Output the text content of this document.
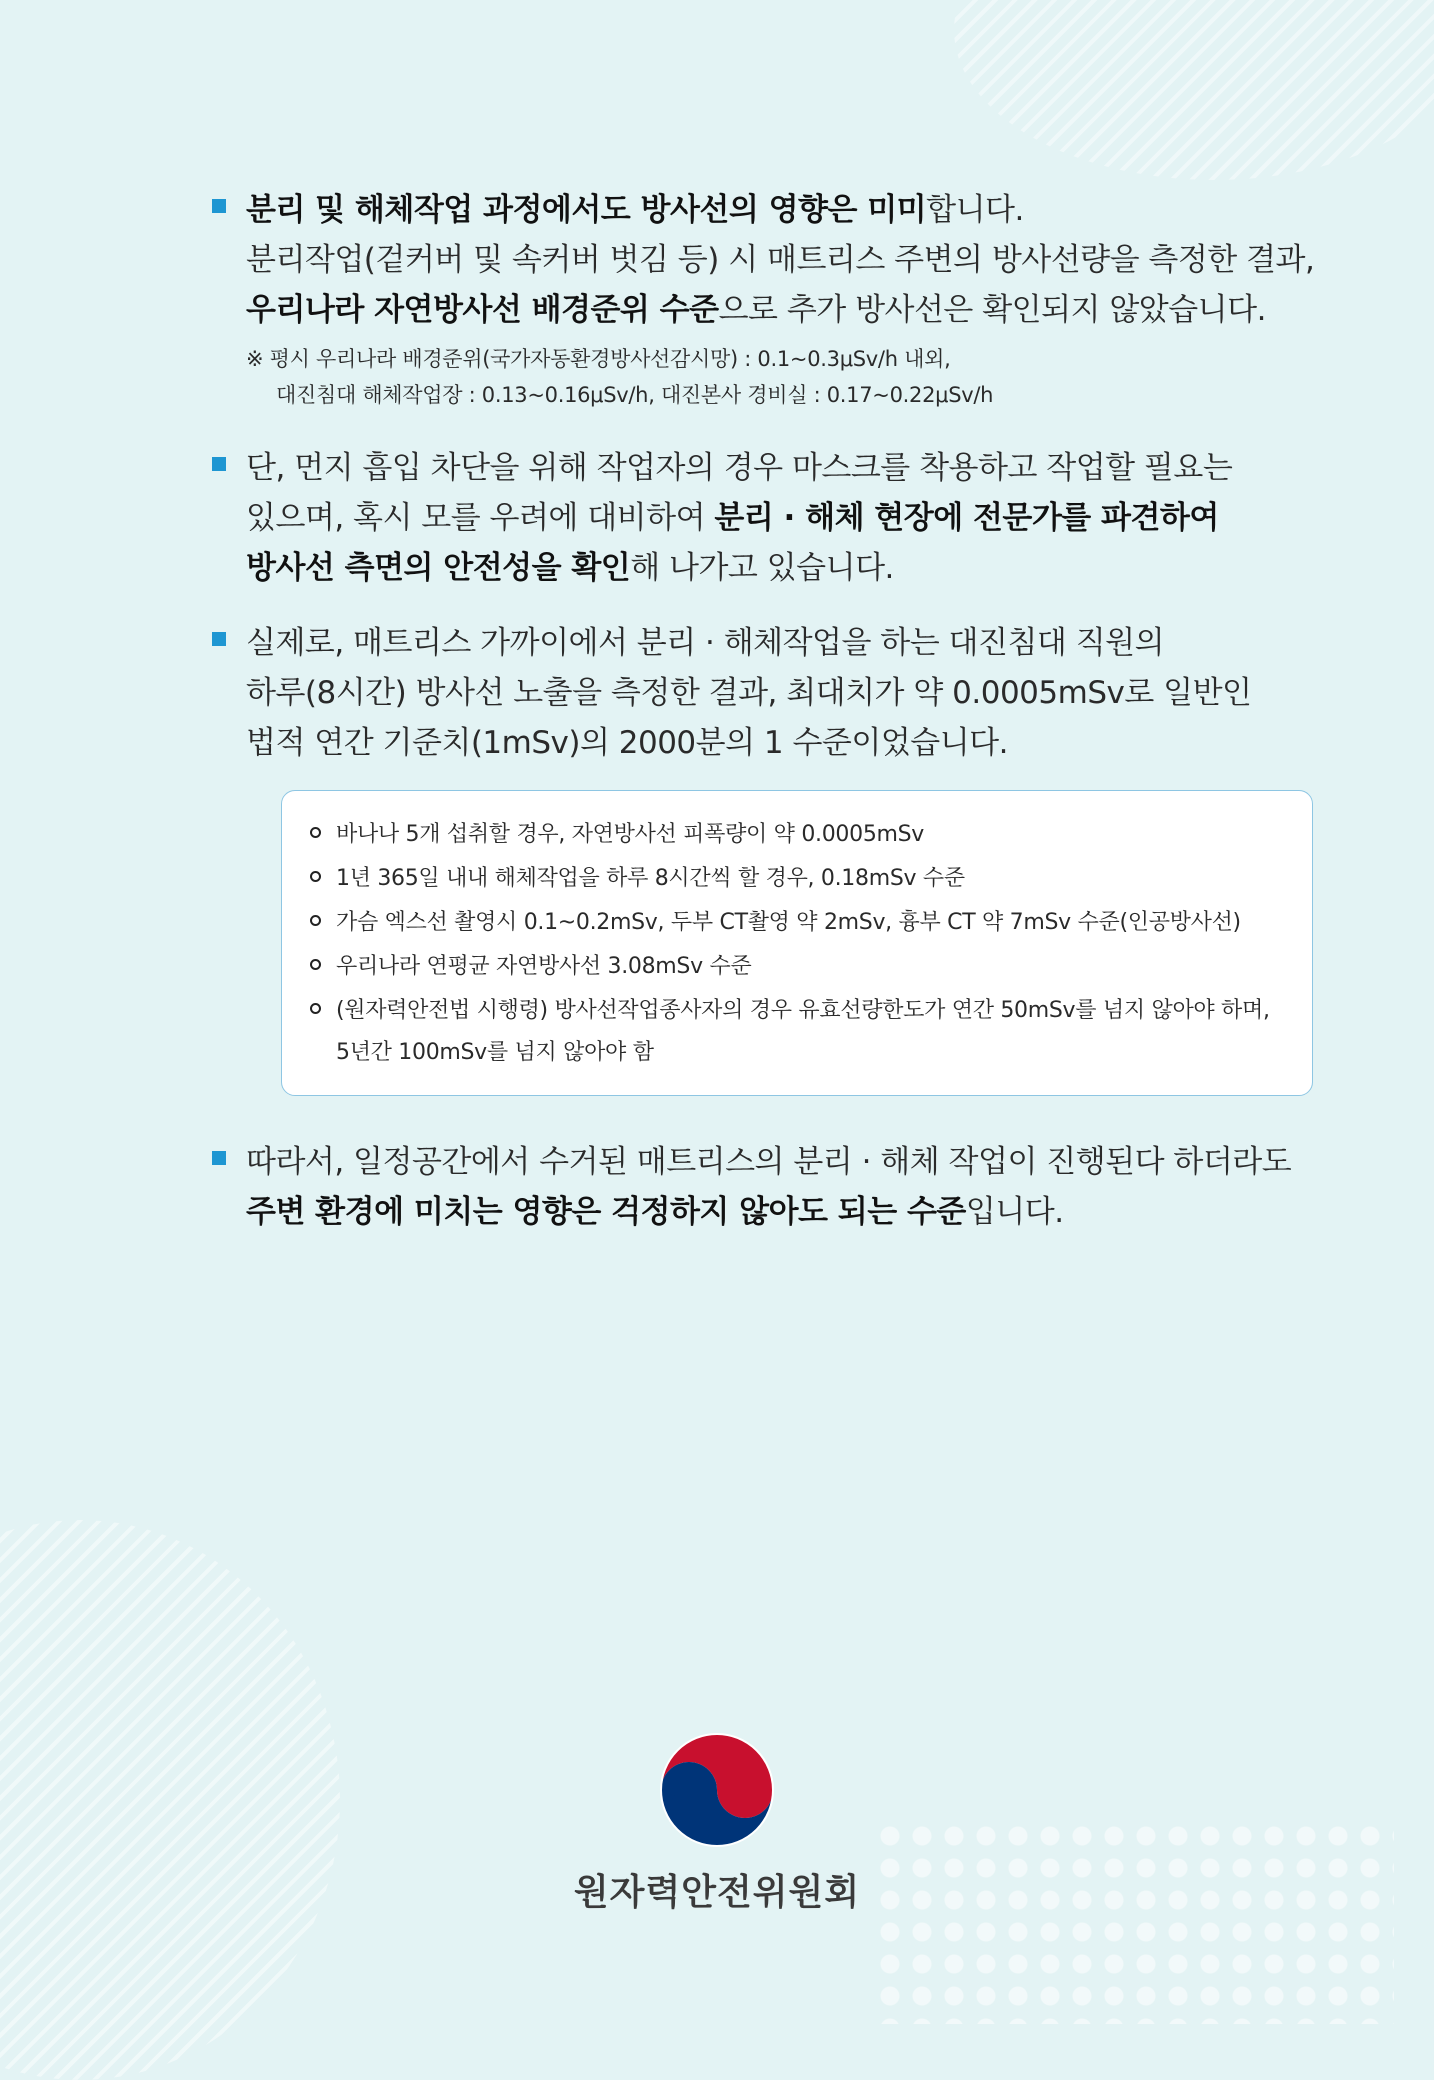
분리 및 해체작업 과정에서도 방사선의 영향은 미미합니다.
분리작업(겉커버 및 속커버 벗김 등) 시 매트리스 주변의 방사선량을 측정한 결과,
우리나라 자연방사선 배경준위 수준으로 추가 방사선은 확인되지 않았습니다.
※ 평시 우리나라 배경준위(국가자동환경방사선감시망) : 0.1~0.3μSv/h 내외,
대진침대 해체작업장 : 0.13~0.16μSv/h, 대진본사 경비실 : 0.17~0.22μSv/h
단, 먼지 흡입 차단을 위해 작업자의 경우 마스크를 착용하고 작업할 필요는
있으며, 혹시 모를 우려에 대비하여 분리 · 해체 현장에 전문가를 파견하여
방사선 측면의 안전성을 확인해 나가고 있습니다.
실제로, 매트리스 가까이에서 분리 · 해체작업을 하는 대진침대 직원의
하루(8시간) 방사선 노출을 측정한 결과, 최대치가 약 0.0005mSv로 일반인
법적 연간 기준치(1mSv)의 2000분의 1 수준이었습니다.
바나나 5개 섭취할 경우, 자연방사선 피폭량이 약 0.0005mSv
1년 365일 내내 해체작업을 하루 8시간씩 할 경우, 0.18mSv 수준
가슴 엑스선 촬영시 0.1~0.2mSv, 두부 CT촬영 약 2mSv, 흉부 CT 약 7mSv 수준(인공방사선)
우리나라 연평균 자연방사선 3.08mSv 수준
(원자력안전법 시행령) 방사선작업종사자의 경우 유효선량한도가 연간 50mSv를 넘지 않아야 하며,
5년간 100mSv를 넘지 않아야 함
따라서, 일정공간에서 수거된 매트리스의 분리 · 해체 작업이 진행된다 하더라도
주변 환경에 미치는 영향은 걱정하지 않아도 되는 수준입니다.
원자력안전위원회
